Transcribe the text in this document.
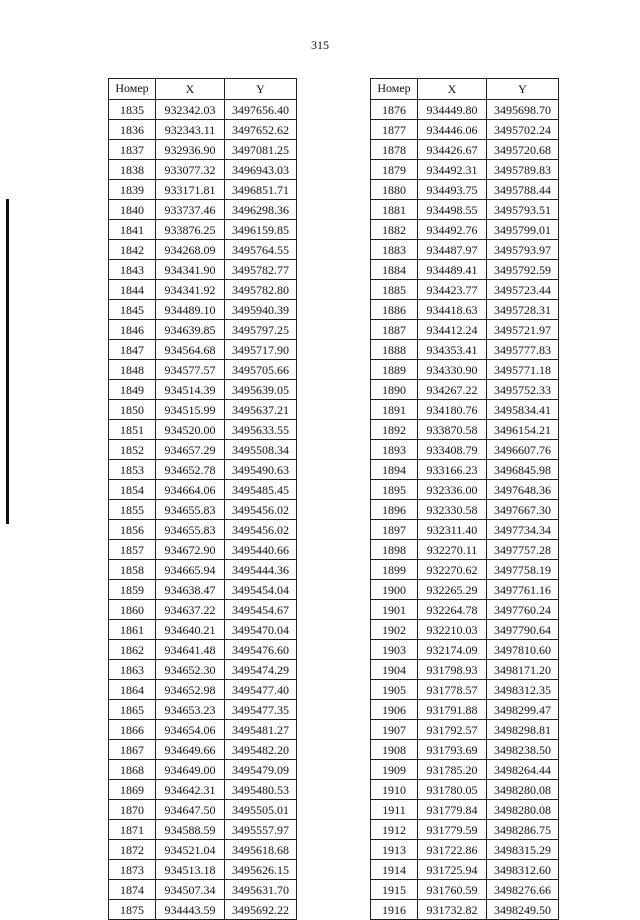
315
Номер	X	Y

1835	932342.03	3497656.40
1836	932343.11	3497652.62
1837	932936.90	3497081.25
1838	933077.32	3496943.03
1839	933171.81	3496851.71
1840	933737.46	3496298.36
1841	933876.25	3496159.85
1842	934268.09	3495764.55
1843	934341.90	3495782.77
1844	934341.92	3495782.80
1845	934489.10	3495940.39
1846	934639.85	3495797.25
1847	934564.68	3495717.90
1848	934577.57	3495705.66
1849	934514.39	3495639.05
1850	934515.99	3495637.21
1851	934520.00	3495633.55
1852	934657.29	3495508.34
1853	934652.78	3495490.63
1854	934664.06	3495485.45
1855	934655.83	3495456.02
1856	934655.83	3495456.02
1857	934672.90	3495440.66
1858	934665.94	3495444.36
1859	934638.47	3495454.04
1860	934637.22	3495454.67
1861	934640.21	3495470.04
1862	934641.48	3495476.60
1863	934652.30	3495474.29
1864	934652.98	3495477.40
1865	934653.23	3495477.35
1866	934654.06	3495481.27
1867	934649.66	3495482.20
1868	934649.00	3495479.09
1869	934642.31	3495480.53
1870	934647.50	3495505.01
1871	934588.59	3495557.97
1872	934521.04	3495618.68
1873	934513.18	3495626.15
1874	934507.34	3495631.70
1875	934443.59	3495692.22
Номер	X	Y

1876	934449.80	3495698.70
1877	934446.06	3495702.24
1878	934426.67	3495720.68
1879	934492.31	3495789.83
1880	934493.75	3495788.44
1881	934498.55	3495793.51
1882	934492.76	3495799.01
1883	934487.97	3495793.97
1884	934489.41	3495792.59
1885	934423.77	3495723.44
1886	934418.63	3495728.31
1887	934412.24	3495721.97
1888	934353.41	3495777.83
1889	934330.90	3495771.18
1890	934267.22	3495752.33
1891	934180.76	3495834.41
1892	933870.58	3496154.21
1893	933408.79	3496607.76
1894	933166.23	3496845.98
1895	932336.00	3497648.36
1896	932330.58	3497667.30
1897	932311.40	3497734.34
1898	932270.11	3497757.28
1899	932270.62	3497758.19
1900	932265.29	3497761.16
1901	932264.78	3497760.24
1902	932210.03	3497790.64
1903	932174.09	3497810.60
1904	931798.93	3498171.20
1905	931778.57	3498312.35
1906	931791.88	3498299.47
1907	931792.57	3498298.81
1908	931793.69	3498238.50
1909	931785.20	3498264.44
1910	931780.05	3498280.08
1911	931779.84	3498280.08
1912	931779.59	3498286.75
1913	931722.86	3498315.29
1914	931725.94	3498312.60
1915	931760.59	3498276.66
1916	931732.82	3498249.50
